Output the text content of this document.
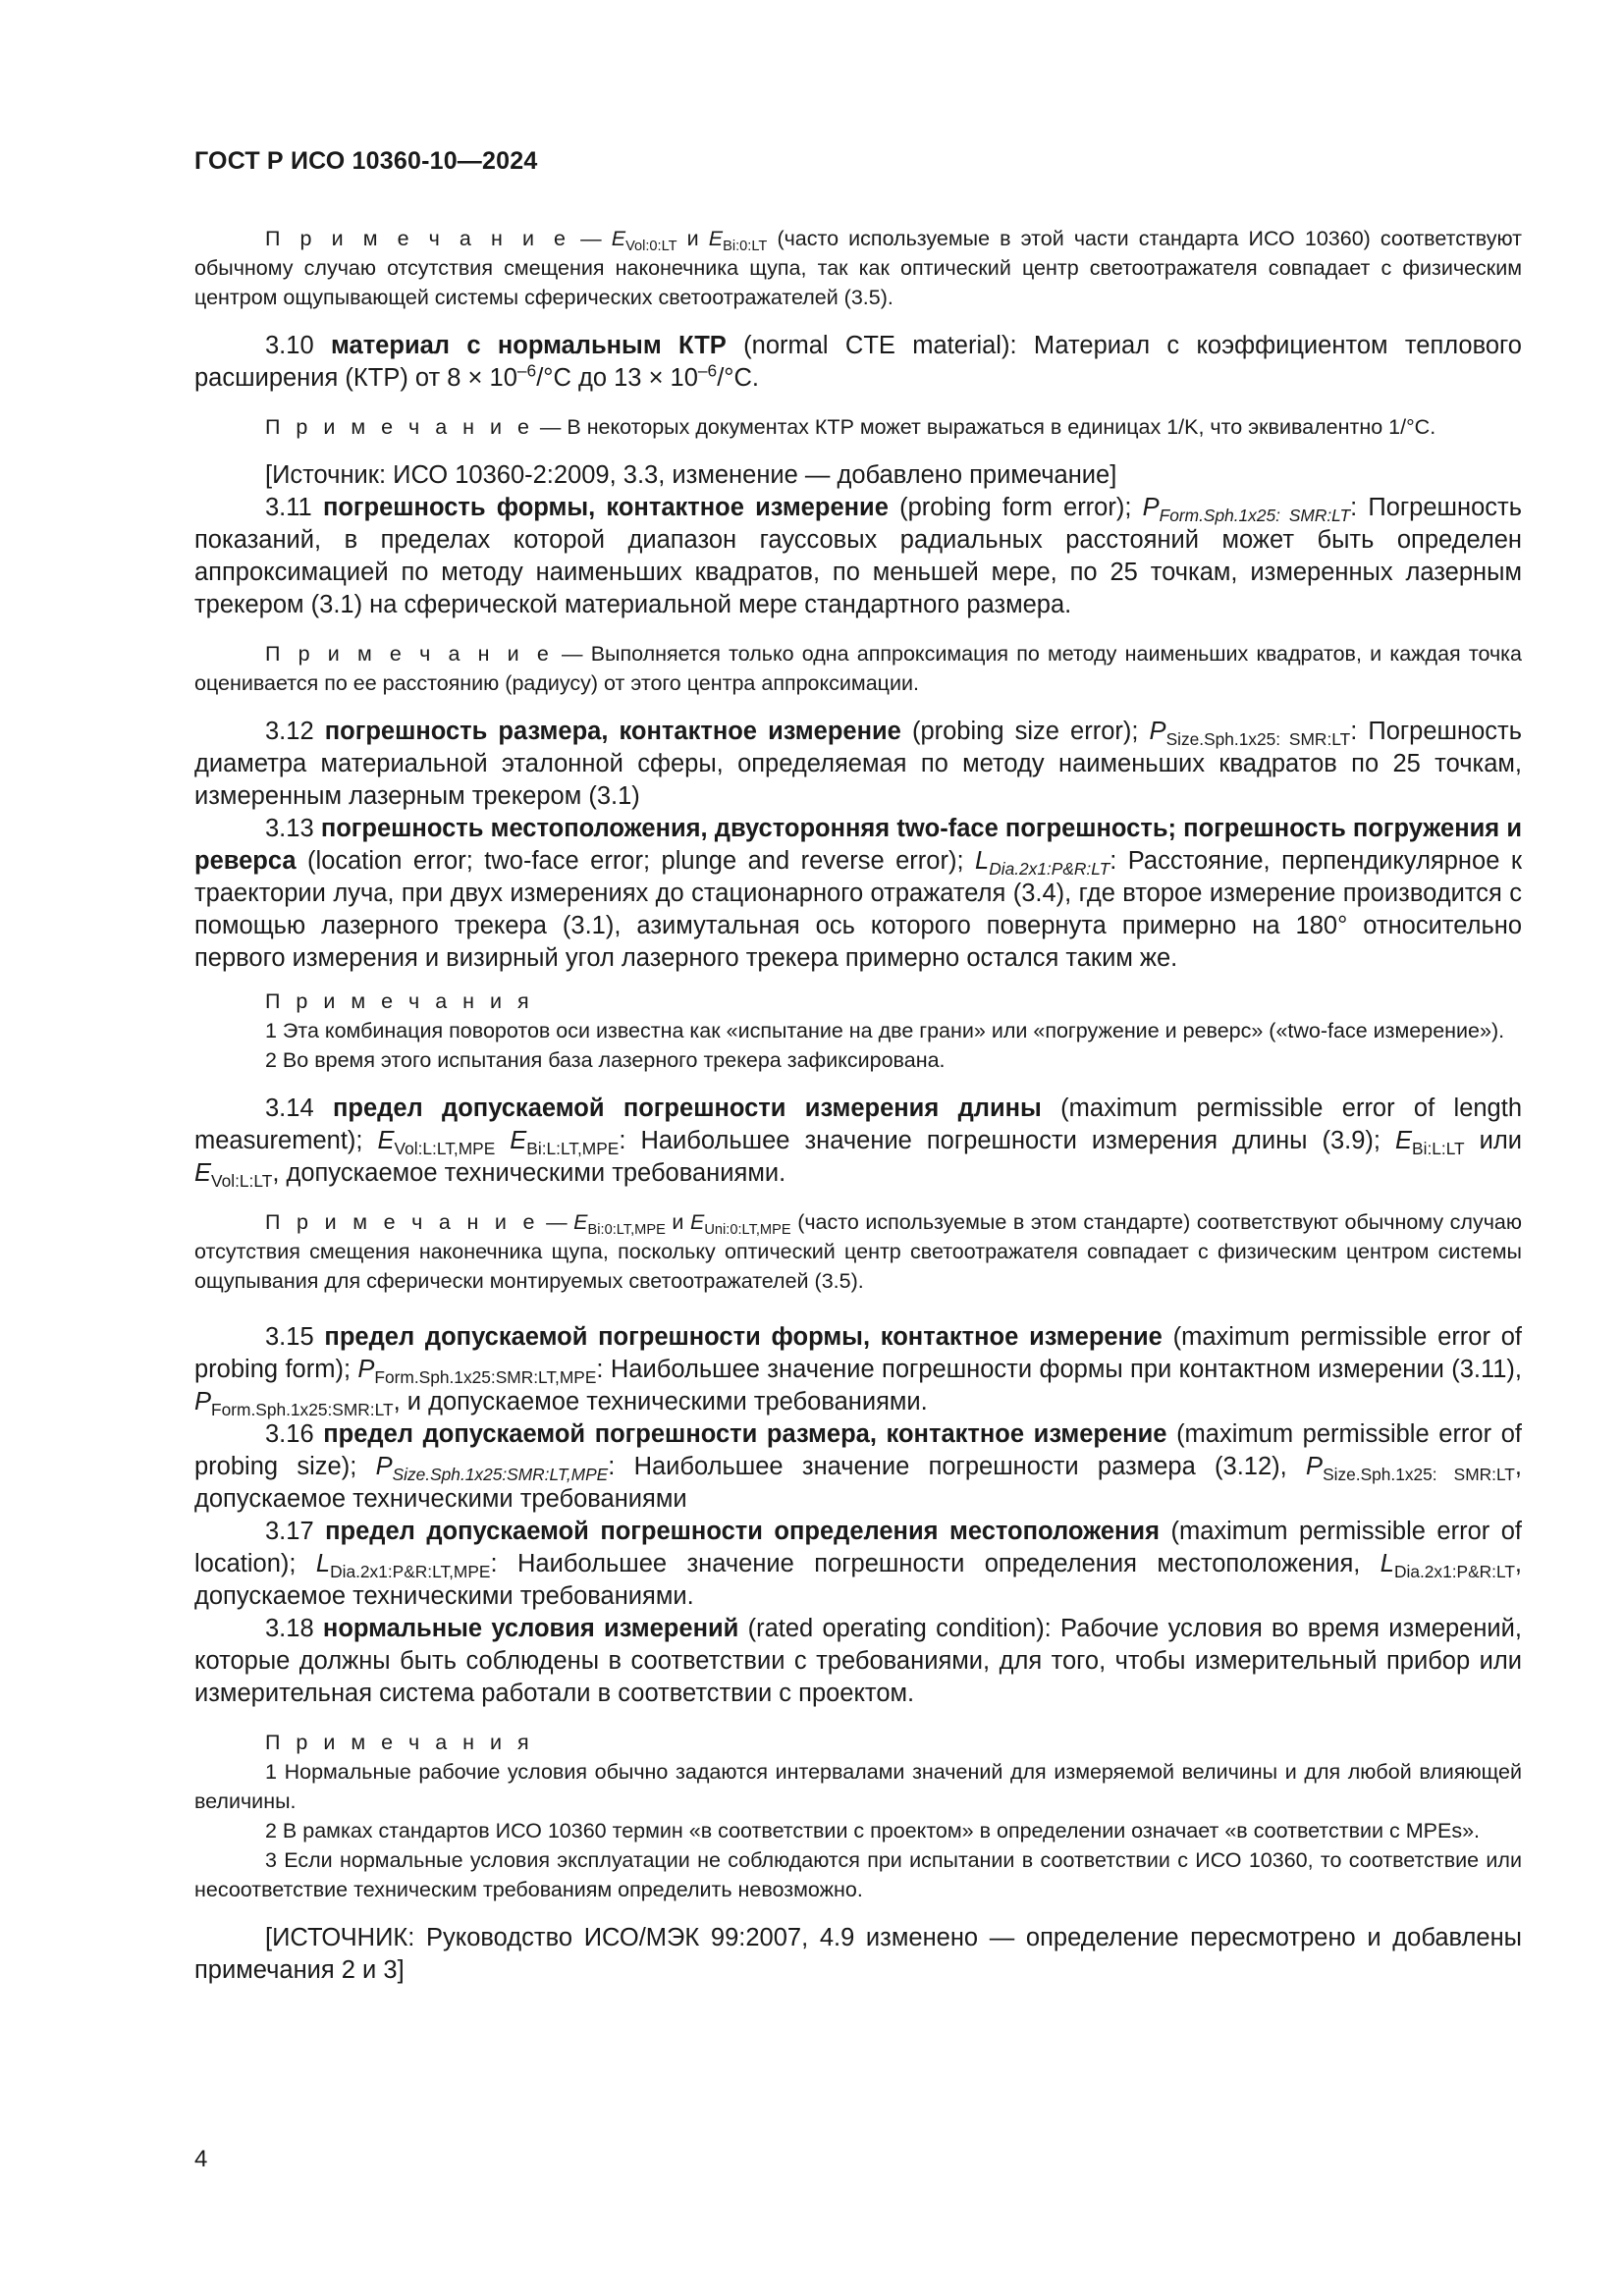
ГОСТ Р ИСО 10360-10—2024

П р и м е ч а н и е — $E_{Vol:0:LT}$ и $E_{Bi:0:LT}$ (часто используемые в этой части стандарта ИСО 10360) соответствуют обычному случаю отсутствия смещения наконечника щупа, так как оптический центр светоотражателя совпадает с физическим центром ощупывающей системы сферических светоотражателей (3.5).

3.10 материал с нормальным КТР (normal CTE material): Материал с коэффициентом теплового расширения (КТР) от $8 \times 10^{-6}/^\circ C$ до $13 \times 10^{-6}/^\circ C$.

П р и м е ч а н и е — В некоторых документах КТР может выражаться в единицах 1/K, что эквивалентно 1/°C.

[Источник: ИСО 10360-2:2009, 3.3, изменение — добавлено примечание]

3.11 погрешность формы, контактное измерение (probing form error); $P_{Form.Sph.1x25: SMR:LT}$: Погрешность показаний, в пределах которой диапазон гауссовых радиальных расстояний может быть определен аппроксимацией по методу наименьших квадратов, по меньшей мере, по 25 точкам, измеренных лазерным трекером (3.1) на сферической материальной мере стандартного размера.

П р и м е ч а н и е — Выполняется только одна аппроксимация по методу наименьших квадратов, и каждая точка оценивается по ее расстоянию (радиусу) от этого центра аппроксимации.

3.12 погрешность размера, контактное измерение (probing size error); $P_{Size.Sph.1x25: SMR:LT}$: Погрешность диаметра материальной эталонной сферы, определяемая по методу наименьших квадратов по 25 точкам, измеренным лазерным трекером (3.1)

3.13 погрешность местоположения, двусторонняя two-face погрешность; погрешность погружения и реверса (location error; two-face error; plunge and reverse error); $L_{Dia.2x1:P\&R:LT}$: Расстояние, перпендикулярное к траектории луча, при двух измерениях до стационарного отражателя (3.4), где второе измерение производится с помощью лазерного трекера (3.1), азимутальная ось которого повернута примерно на 180° относительно первого измерения и визирный угол лазерного трекера примерно остался таким же.

П р и м е ч а н и я

1 Эта комбинация поворотов оси известна как «испытание на две грани» или «погружение и реверс» («two-face измерение»).

2 Во время этого испытания база лазерного трекера зафиксирована.

3.14 предел допускаемой погрешности измерения длины (maximum permissible error of length measurement); $E_{Vol:L:LT,MPE}$ $E_{Bi:L:LT,MPE}$: Наибольшее значение погрешности измерения длины (3.9); $E_{Bi:L:LT}$ или $E_{Vol:L:LT}$, допускаемое техническими требованиями.

П р и м е ч а н и е — $E_{Bi:0:LT,MPE}$ и $E_{Uni:0:LT,MPE}$ (часто используемые в этом стандарте) соответствуют обычному случаю отсутствия смещения наконечника щупа, поскольку оптический центр светоотражателя совпадает с физическим центром системы ощупывания для сферически монтируемых светоотражателей (3.5).

3.15 предел допускаемой погрешности формы, контактное измерение (maximum permissible error of probing form); $P_{Form.Sph.1x25:SMR:LT,MPE}$: Наибольшее значение погрешности формы при контактном измерении (3.11), $P_{Form.Sph.1x25:SMR:LT}$, и допускаемое техническими требованиями.

3.16 предел допускаемой погрешности размера, контактное измерение (maximum permissible error of probing size); $P_{Size.Sph.1x25:SMR:LT,MPE}$: Наибольшее значение погрешности размера (3.12), $P_{Size.Sph.1x25: SMR:LT}$, допускаемое техническими требованиями

3.17 предел допускаемой погрешности определения местоположения (maximum permissible error of location); $L_{Dia.2x1:P\&R:LT,MPE}$: Наибольшее значение погрешности определения местоположения, $L_{Dia.2x1:P\&R:LT}$, допускаемое техническими требованиями.

3.18 нормальные условия измерений (rated operating condition): Рабочие условия во время измерений, которые должны быть соблюдены в соответствии с требованиями, для того, чтобы измерительный прибор или измерительная система работали в соответствии с проектом.

П р и м е ч а н и я

1 Нормальные рабочие условия обычно задаются интервалами значений для измеряемой величины и для любой влияющей величины.

2 В рамках стандартов ИСО 10360 термин «в соответствии с проектом» в определении означает «в соответствии с MPEs».

3 Если нормальные условия эксплуатации не соблюдаются при испытании в соответствии с ИСО 10360, то соответствие или несоответствие техническим требованиям определить невозможно.

[ИСТОЧНИК: Руководство ИСО/МЭК 99:2007, 4.9 изменено — определение пересмотрено и добавлены примечания 2 и 3]

4
